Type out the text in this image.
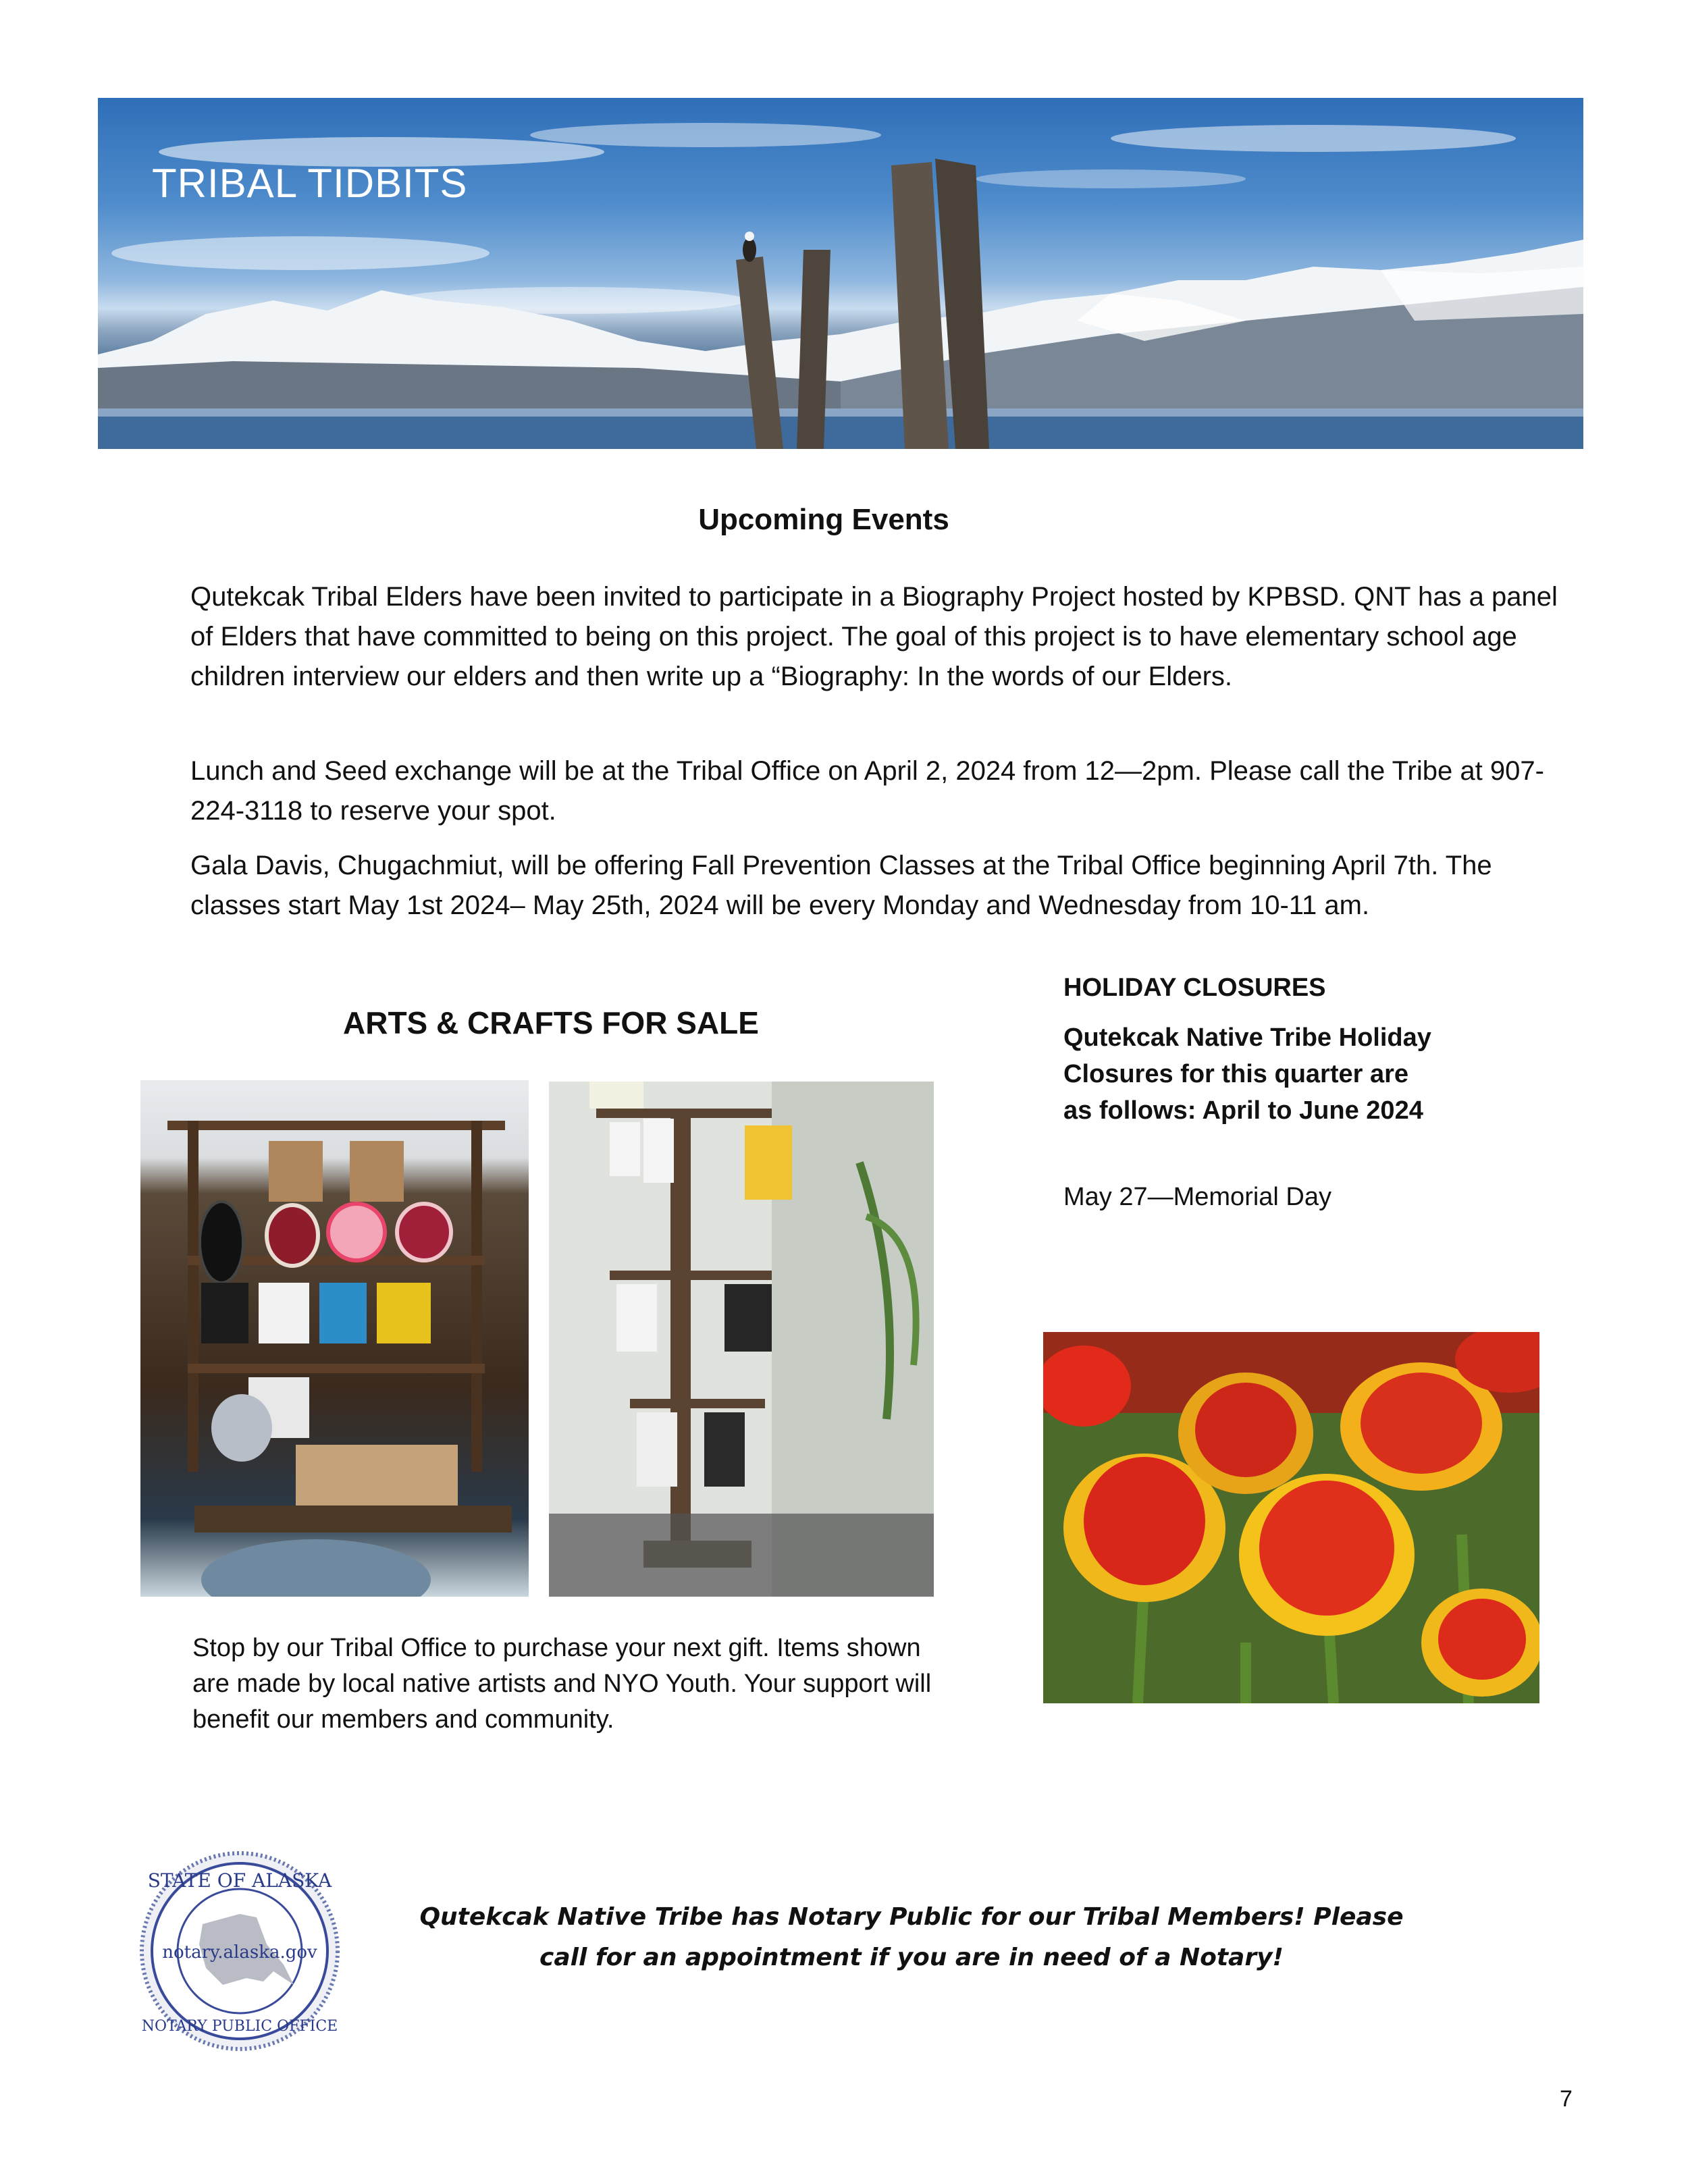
TRIBAL TIDBITS
Upcoming Events

Qutekcak Tribal Elders have been invited to participate in a Biography Project hosted by KPBSD. QNT has a panel of Elders that have committed to being on this project. The goal of this project is to have elementary school age children interview our elders and then write up a “Biography: In the words of our Elders.

Lunch and Seed exchange will be at the Tribal Office on April 2, 2024 from 12—2pm. Please call the Tribe at 907-224-3118 to reserve your spot.

Gala Davis, Chugachmiut, will be offering Fall Prevention Classes at the Tribal Office beginning April 7th. The classes start May 1st 2024– May 25th, 2024 will be every Monday and Wednesday from 10-11 am.

ARTS & CRAFTS FOR SALE

Stop by our Tribal Office to purchase your next gift. Items shown are made by local native artists and NYO Youth. Your support will benefit our members and community.

HOLIDAY CLOSURES

Qutekcak Native Tribe Holiday Closures for this quarter are as follows: April to June 2024

May 27—Memorial Day
notary.alaska.gov
STATE OF ALASKA
NOTARY PUBLIC OFFICE

Qutekcak Native Tribe has Notary Public for our Tribal Members! Please call for an appointment if you are in need of a Notary!

7
